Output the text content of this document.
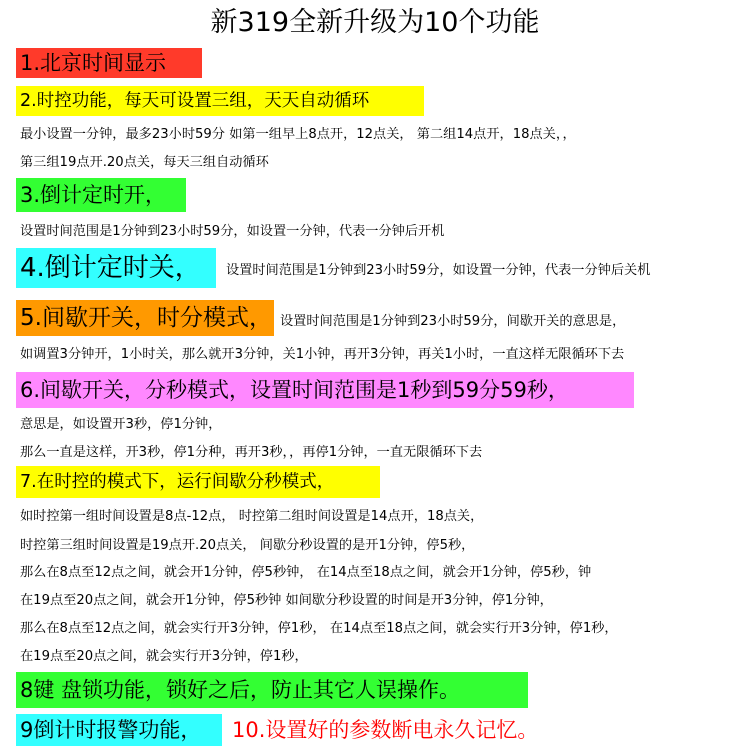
新319全新升级为10个功能
1.北京时间显示
2.时控功能，每天可设置三组，天天自动循环
最小设置一分钟，最多23小时59分 如第一组早上8点开，12点关， 第二组14点开，18点关，，
第三组19点开.20点关，每天三组自动循环
3.倒计定时开，
设置时间范围是1分钟到23小时59分，如设置一分钟，代表一分钟后开机
4.倒计定时关，	设置时间范围是1分钟到23小时59分，如设置一分钟，代表一分钟后关机
5.间歇开关，时分模式， 设置时间范围是1分钟到23小时59分，间歇开关的意思是，
如调置3分钟开，1小时关，那么就开3分钟，关1小钟，再开3分钟，再关1小时，一直这样无限循环下去
6.间歇开关，分秒模式，设置时间范围是1秒到59分59秒，
意思是，如设置开3秒，停1分钟，
那么一直是这样，开3秒，停1分种，再开3秒，，再停1分钟，一直无限循环下去
7.在时控的模式下，运行间歇分秒模式，
如时控第一组时间设置是8点-12点， 时控第二组时间设置是14点开，18点关，
时控第三组时间设置是19点开.20点关， 间歇分秒设置的是开1分钟，停5秒，
那么在8点至12点之间，就会开1分钟，停5秒钟， 在14点至18点之间，就会开1分钟，停5秒，钟
在19点至20点之间，就会开1分钟，停5秒钟 如间歇分秒设置的时间是开3分钟，停1分钟，
那么在8点至12点之间，就会实行开3分钟，停1秒， 在14点至18点之间，就会实行开3分钟，停1秒，
在19点至20点之间，就会实行开3分钟，停1秒，
8键 盘锁功能，锁好之后，防止其它人误操作。
9倒计时报警功能，	10.设置好的参数断电永久记忆。
